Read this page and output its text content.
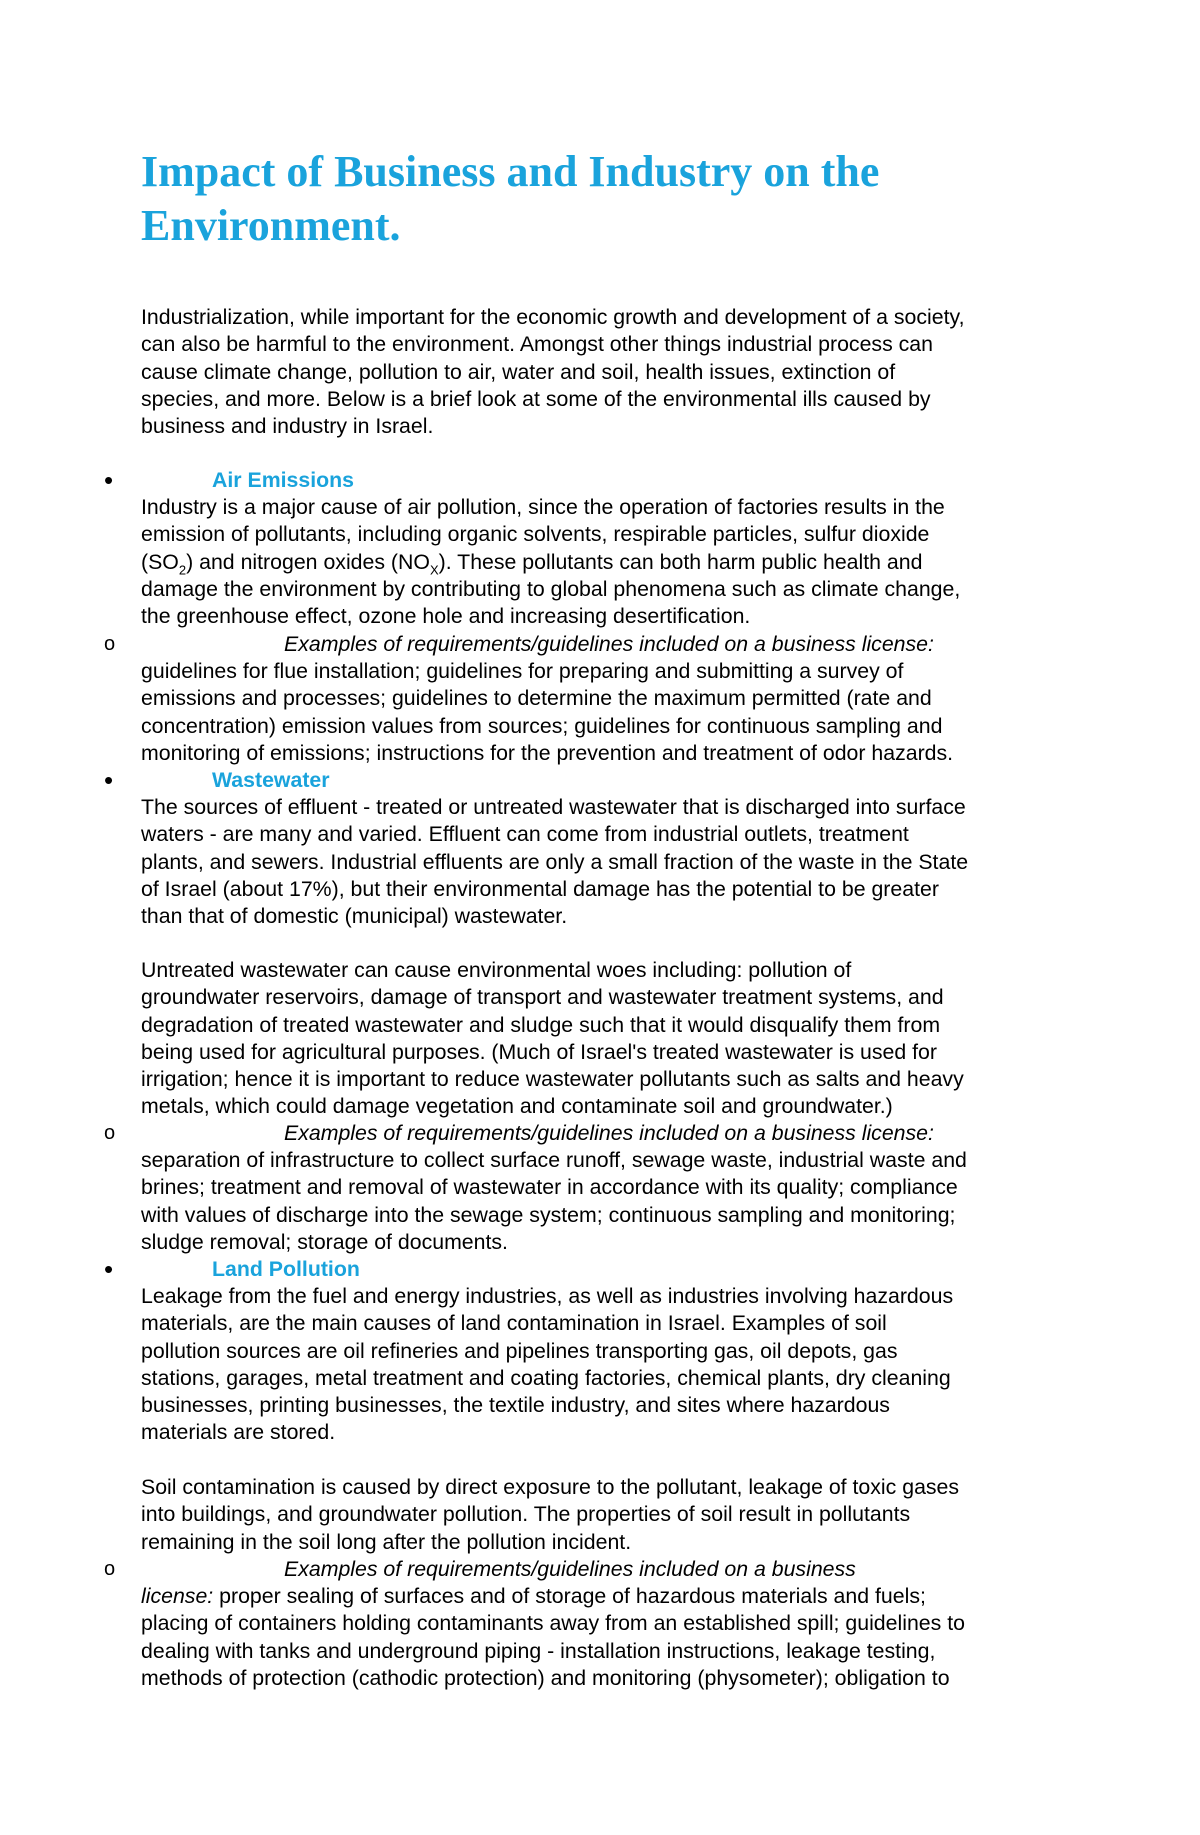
Impact of Business and Industry on the
Environment.
Industrialization, while important for the economic growth and development of a society,
can also be harmful to the environment. Amongst other things industrial process can
cause climate change, pollution to air, water and soil, health issues, extinction of
species, and more. Below is a brief look at some of the environmental ills caused by
business and industry in Israel.
•	Air Emissions
Industry is a major cause of air pollution, since the operation of factories results in the
emission of pollutants, including organic solvents, respirable particles, sulfur dioxide
$(SO_2)$ and nitrogen oxides $(NO_X)$. These pollutants can both harm public health and
damage the environment by contributing to global phenomena such as climate change,
the greenhouse effect, ozone hole and increasing desertification.
o	Examples of requirements/guidelines included on a business license:
guidelines for flue installation; guidelines for preparing and submitting a survey of
emissions and processes; guidelines to determine the maximum permitted (rate and
concentration) emission values from sources; guidelines for continuous sampling and
monitoring of emissions; instructions for the prevention and treatment of odor hazards.
•	Wastewater
The sources of effluent - treated or untreated wastewater that is discharged into surface
waters - are many and varied. Effluent can come from industrial outlets, treatment
plants, and sewers. Industrial effluents are only a small fraction of the waste in the State
of Israel (about 17%), but their environmental damage has the potential to be greater
than that of domestic (municipal) wastewater.
Untreated wastewater can cause environmental woes including: pollution of
groundwater reservoirs, damage of transport and wastewater treatment systems, and
degradation of treated wastewater and sludge such that it would disqualify them from
being used for agricultural purposes. (Much of Israel's treated wastewater is used for
irrigation; hence it is important to reduce wastewater pollutants such as salts and heavy
metals, which could damage vegetation and contaminate soil and groundwater.)
o	Examples of requirements/guidelines included on a business license:
separation of infrastructure to collect surface runoff, sewage waste, industrial waste and
brines; treatment and removal of wastewater in accordance with its quality; compliance
with values of discharge into the sewage system; continuous sampling and monitoring;
sludge removal; storage of documents.
•	Land Pollution
Leakage from the fuel and energy industries, as well as industries involving hazardous
materials, are the main causes of land contamination in Israel. Examples of soil
pollution sources are oil refineries and pipelines transporting gas, oil depots, gas
stations, garages, metal treatment and coating factories, chemical plants, dry cleaning
businesses, printing businesses, the textile industry, and sites where hazardous
materials are stored.
Soil contamination is caused by direct exposure to the pollutant, leakage of toxic gases
into buildings, and groundwater pollution. The properties of soil result in pollutants
remaining in the soil long after the pollution incident.
o	Examples of requirements/guidelines included on a business
license: proper sealing of surfaces and of storage of hazardous materials and fuels;
placing of containers holding contaminants away from an established spill; guidelines to
dealing with tanks and underground piping - installation instructions, leakage testing,
methods of protection (cathodic protection) and monitoring (physometer); obligation to
